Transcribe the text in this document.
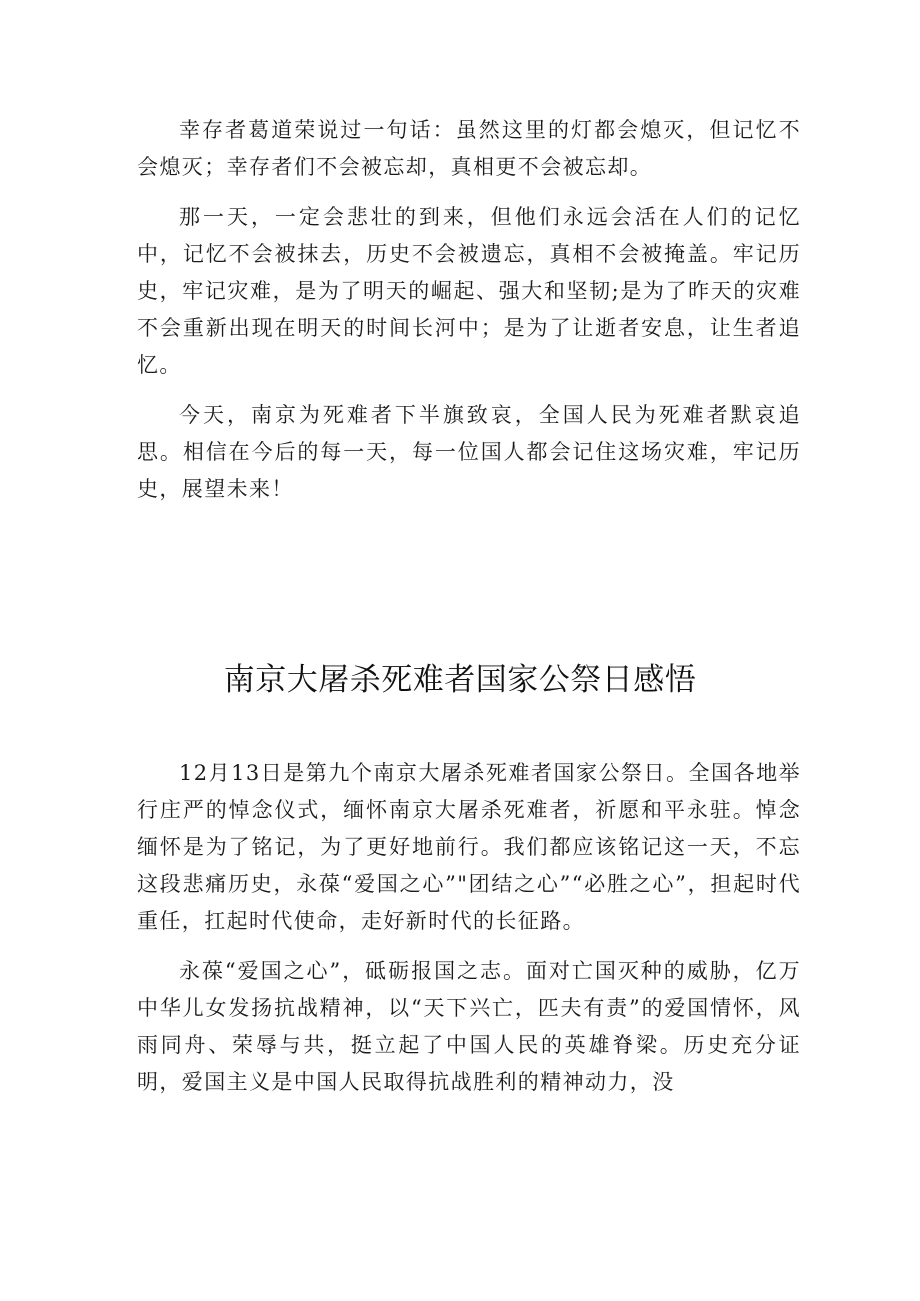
幸存者葛道荣说过一句话：虽然这里的灯都会熄灭，但记忆不会熄灭；幸存者们不会被忘却，真相更不会被忘却。

那一天，一定会悲壮的到来，但他们永远会活在人们的记忆中，记忆不会被抹去，历史不会被遗忘，真相不会被掩盖。牢记历史，牢记灾难，是为了明天的崛起、强大和坚韧;是为了昨天的灾难不会重新出现在明天的时间长河中；是为了让逝者安息，让生者追忆。

今天，南京为死难者下半旗致哀，全国人民为死难者默哀追思。相信在今后的每一天，每一位国人都会记住这场灾难，牢记历史，展望未来！

南京大屠杀死难者国家公祭日感悟

12月13日是第九个南京大屠杀死难者国家公祭日。全国各地举行庄严的悼念仪式，缅怀南京大屠杀死难者，祈愿和平永驻。悼念缅怀是为了铭记，为了更好地前行。我们都应该铭记这一天，不忘这段悲痛历史，永葆“爱国之心”"团结之心”“必胜之心”，担起时代重任，扛起时代使命，走好新时代的长征路。

永葆“爱国之心”，砥砺报国之志。面对亡国灭种的威胁，亿万中华儿女发扬抗战精神，以“天下兴亡，匹夫有责”的爱国情怀，风雨同舟、荣辱与共，挺立起了中国人民的英雄脊梁。历史充分证明，爱国主义是中国人民取得抗战胜利的精神动力，没
